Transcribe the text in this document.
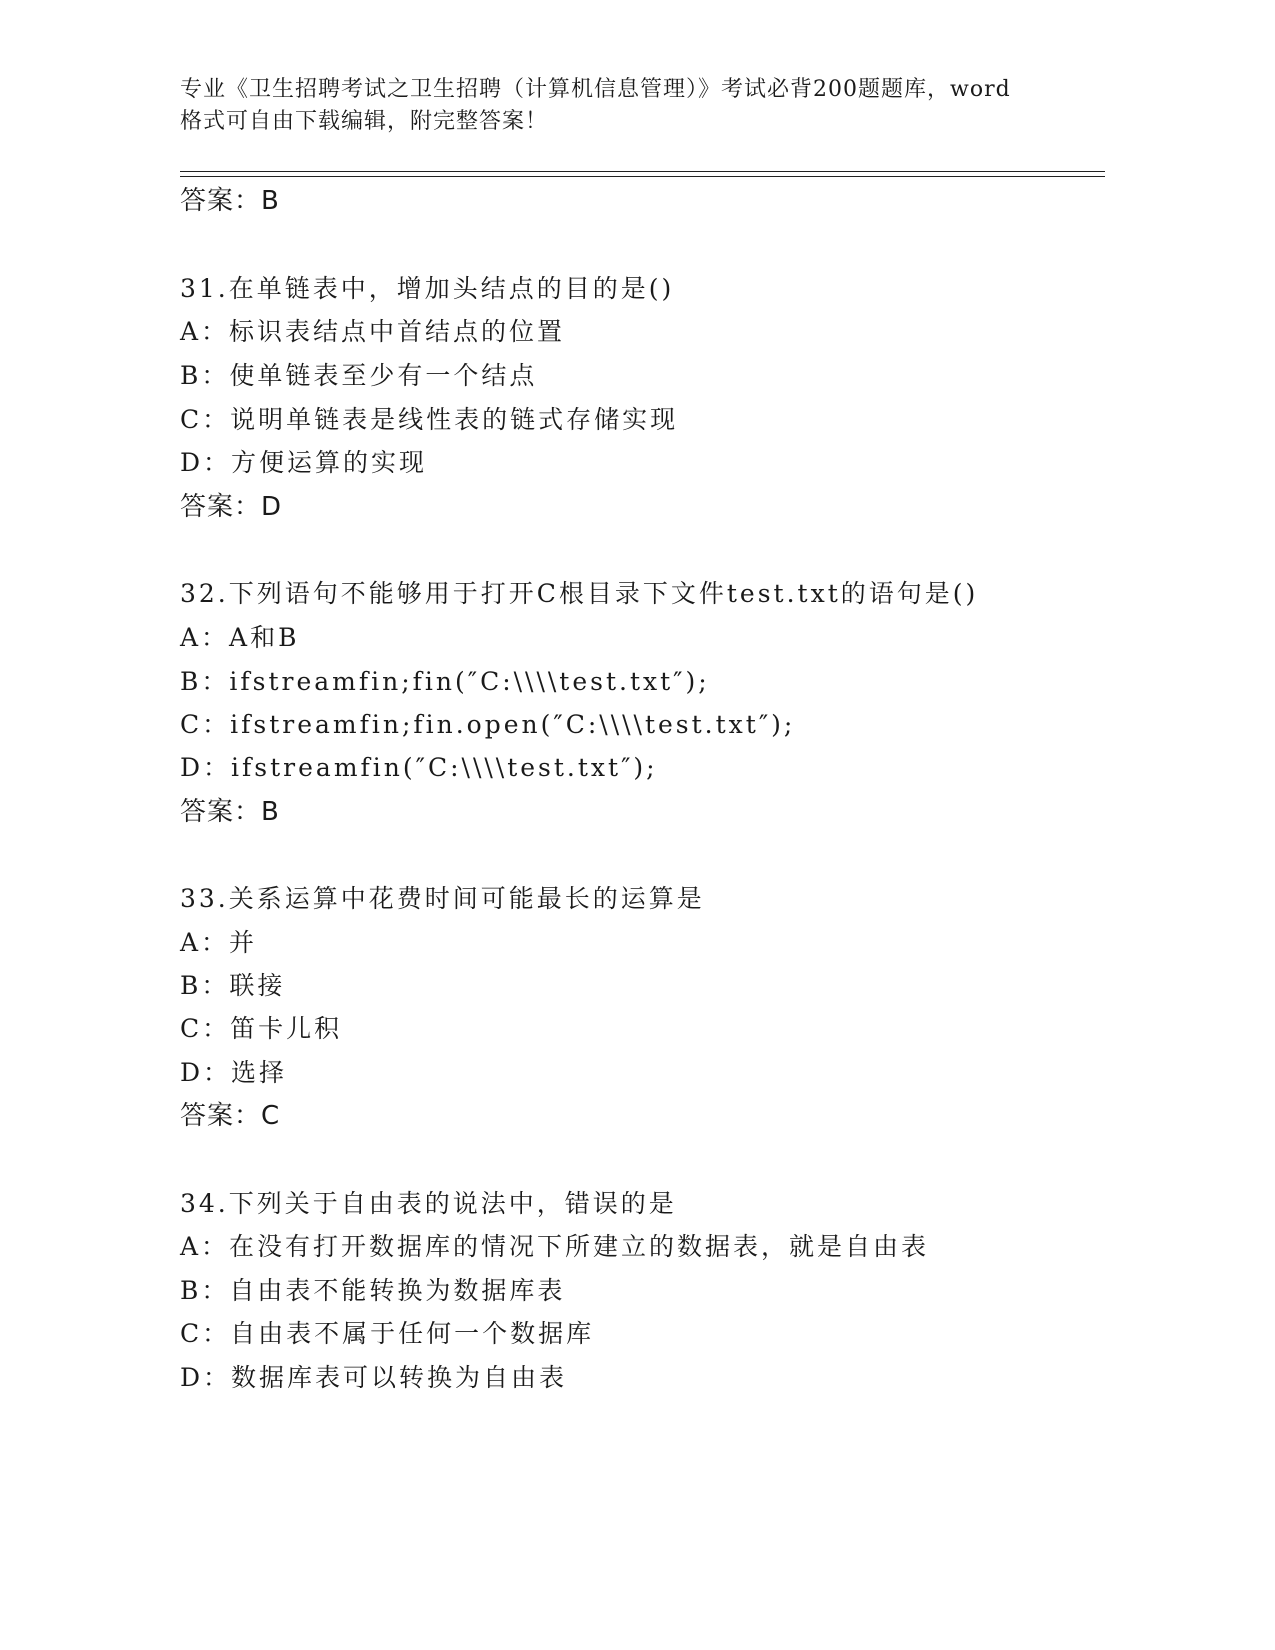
专业《卫生招聘考试之卫生招聘（计算机信息管理）》考试必背200题题库，word
格式可自由下载编辑，附完整答案！
答案：B
31.在单链表中，增加头结点的目的是()
A：标识表结点中首结点的位置
B：使单链表至少有一个结点
C：说明单链表是线性表的链式存储实现
D：方便运算的实现
答案：D
32.下列语句不能够用于打开C根目录下文件test.txt的语句是()
A：A和B
B：ifstreamfin;fin(″C:\\\\test.txt″);
C：ifstreamfin;fin.open(″C:\\\\test.txt″);
D：ifstreamfin(″C:\\\\test.txt″);
答案：B
33.关系运算中花费时间可能最长的运算是
A：并
B：联接
C：笛卡儿积
D：选择
答案：C
34.下列关于自由表的说法中，错误的是
A：在没有打开数据库的情况下所建立的数据表，就是自由表
B：自由表不能转换为数据库表
C：自由表不属于任何一个数据库
D：数据库表可以转换为自由表
